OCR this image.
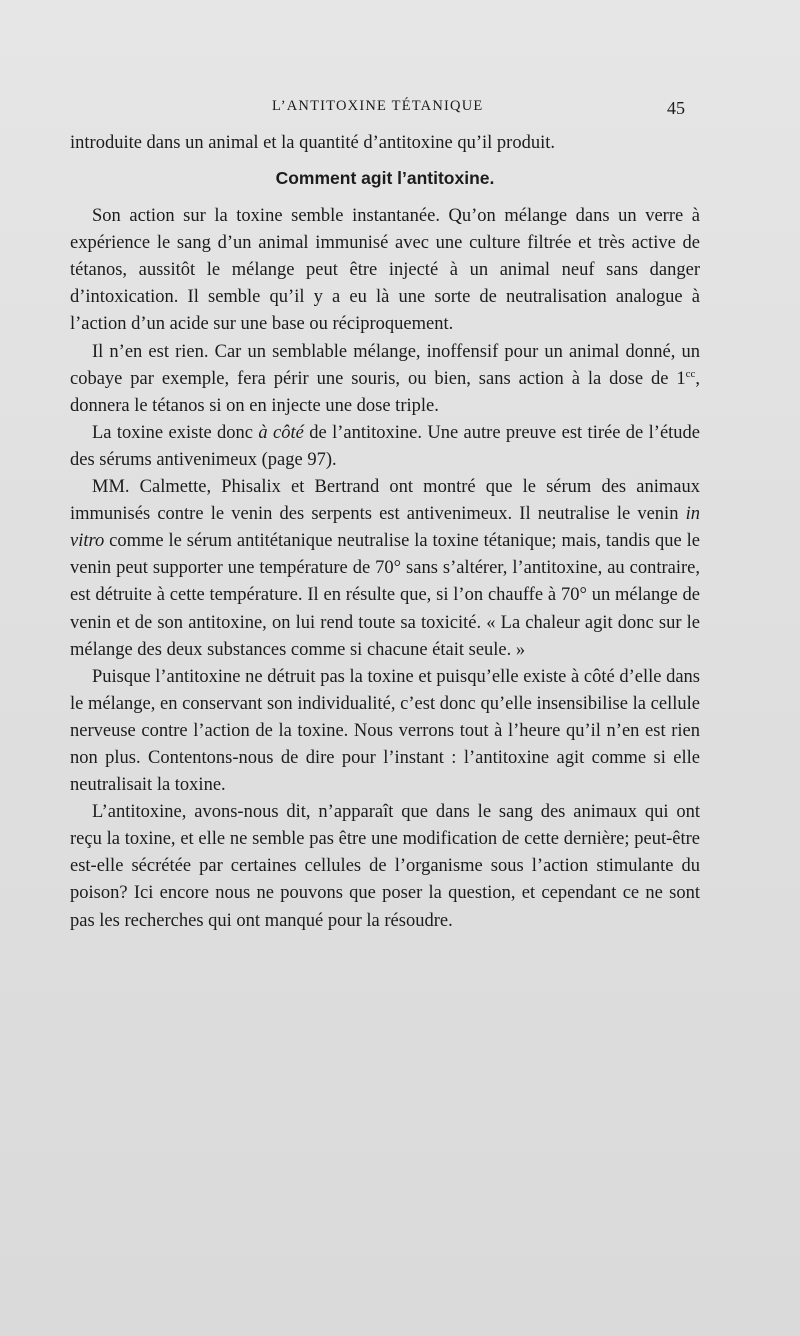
L’ANTITOXINE TÉTANIQUE	45

introduite dans un animal et la quantité d’antitoxine qu’il produit.

Comment agit l’antitoxine.

Son action sur la toxine semble instantanée. Qu’on mélange dans un verre à expérience le sang d’un animal immunisé avec une culture filtrée et très active de tétanos, aussitôt le mélange peut être injecté à un animal neuf sans danger d’intoxication. Il semble qu’il y a eu là une sorte de neutralisation analogue à l’action d’un acide sur une base ou réciproquement.

Il n’en est rien. Car un semblable mélange, inoffensif pour un animal donné, un cobaye par exemple, fera périr une souris, ou bien, sans action à la dose de $1^{cc}$, donnera le tétanos si on en injecte une dose triple.

La toxine existe donc à côté de l’antitoxine. Une autre preuve est tirée de l’étude des sérums antivenimeux (page 97).

MM. Calmette, Phisalix et Bertrand ont montré que le sérum des animaux immunisés contre le venin des serpents est antivenimeux. Il neutralise le venin in vitro comme le sérum antitétanique neutralise la toxine tétanique; mais, tandis que le venin peut supporter une température de 70° sans s’altérer, l’antitoxine, au contraire, est détruite à cette température. Il en résulte que, si l’on chauffe à 70° un mélange de venin et de son antitoxine, on lui rend toute sa toxicité. « La chaleur agit donc sur le mélange des deux substances comme si chacune était seule. »

Puisque l’antitoxine ne détruit pas la toxine et puisqu’elle existe à côté d’elle dans le mélange, en conservant son individualité, c’est donc qu’elle insensibilise la cellule nerveuse contre l’action de la toxine. Nous verrons tout à l’heure qu’il n’en est rien non plus. Contentons-nous de dire pour l’instant : l’antitoxine agit comme si elle neutralisait la toxine.

L’antitoxine, avons-nous dit, n’apparaît que dans le sang des animaux qui ont reçu la toxine, et elle ne semble pas être une modification de cette dernière; peut-être est-elle sécrétée par certaines cellules de l’organisme sous l’action stimulante du poison? Ici encore nous ne pouvons que poser la question, et cependant ce ne sont pas les recherches qui ont manqué pour la résoudre.
